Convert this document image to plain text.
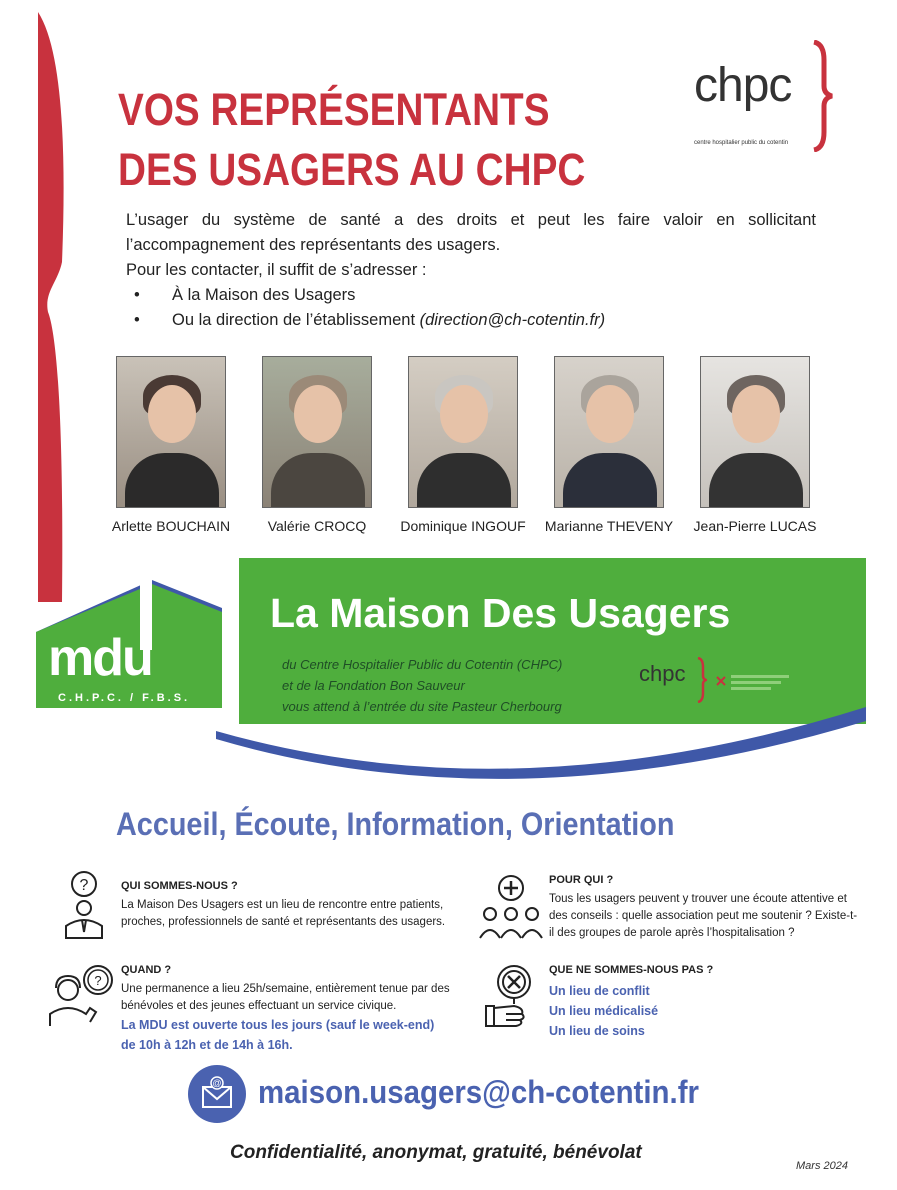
VOS REPRÉSENTANTS
DES USAGERS AU CHPC
chpc
centre hospitalier public du cotentin

L’usager du système de santé a des droits et peut les faire valoir en sollicitant l’accompagnement des représentants des usagers.

Pour les contacter, il suffit de s’adresser :

• À la Maison des Usagers
• Ou la direction de l’établissement (direction@ch-cotentin.fr)
Arlette BOUCHAIN	Valérie CROCQ	Dominique INGOUF Marianne THEVENY Jean-Pierre LUCAS
mdu
C.H.P.C. / F.B.S.
La Maison Des Usagers
du Centre Hospitalier Public du Cotentin (CHPC)
et de la Fondation Bon Sauveur
vous attend à l’entrée du site Pasteur Cherbourg
chpc
Accueil, Écoute, Information, Orientation
?	QUI SOMMES-NOUS ?
La Maison Des Usagers est un lieu de rencontre entre patients, proches, professionnels de santé et représentants des usagers.
POUR QUI ?
Tous les usagers peuvent y trouver une écoute attentive et des conseils : quelle association peut me soutenir ? Existe-t-il des groupes de parole après l’hospitalisation ?
?
QUAND ?
Une permanence a lieu 25h/semaine, entièrement tenue par des bénévoles et des jeunes effectuant un service civique.
La MDU est ouverte tous les jours (sauf le week-end) de 10h à 12h et de 14h à 16h.
QUE NE SOMMES-NOUS PAS ?
Un lieu de conflit
Un lieu médicalisé
Un lieu de soins
@ maison.usagers@ch-cotentin.fr
Confidentialité, anonymat, gratuité, bénévolat
Mars 2024
